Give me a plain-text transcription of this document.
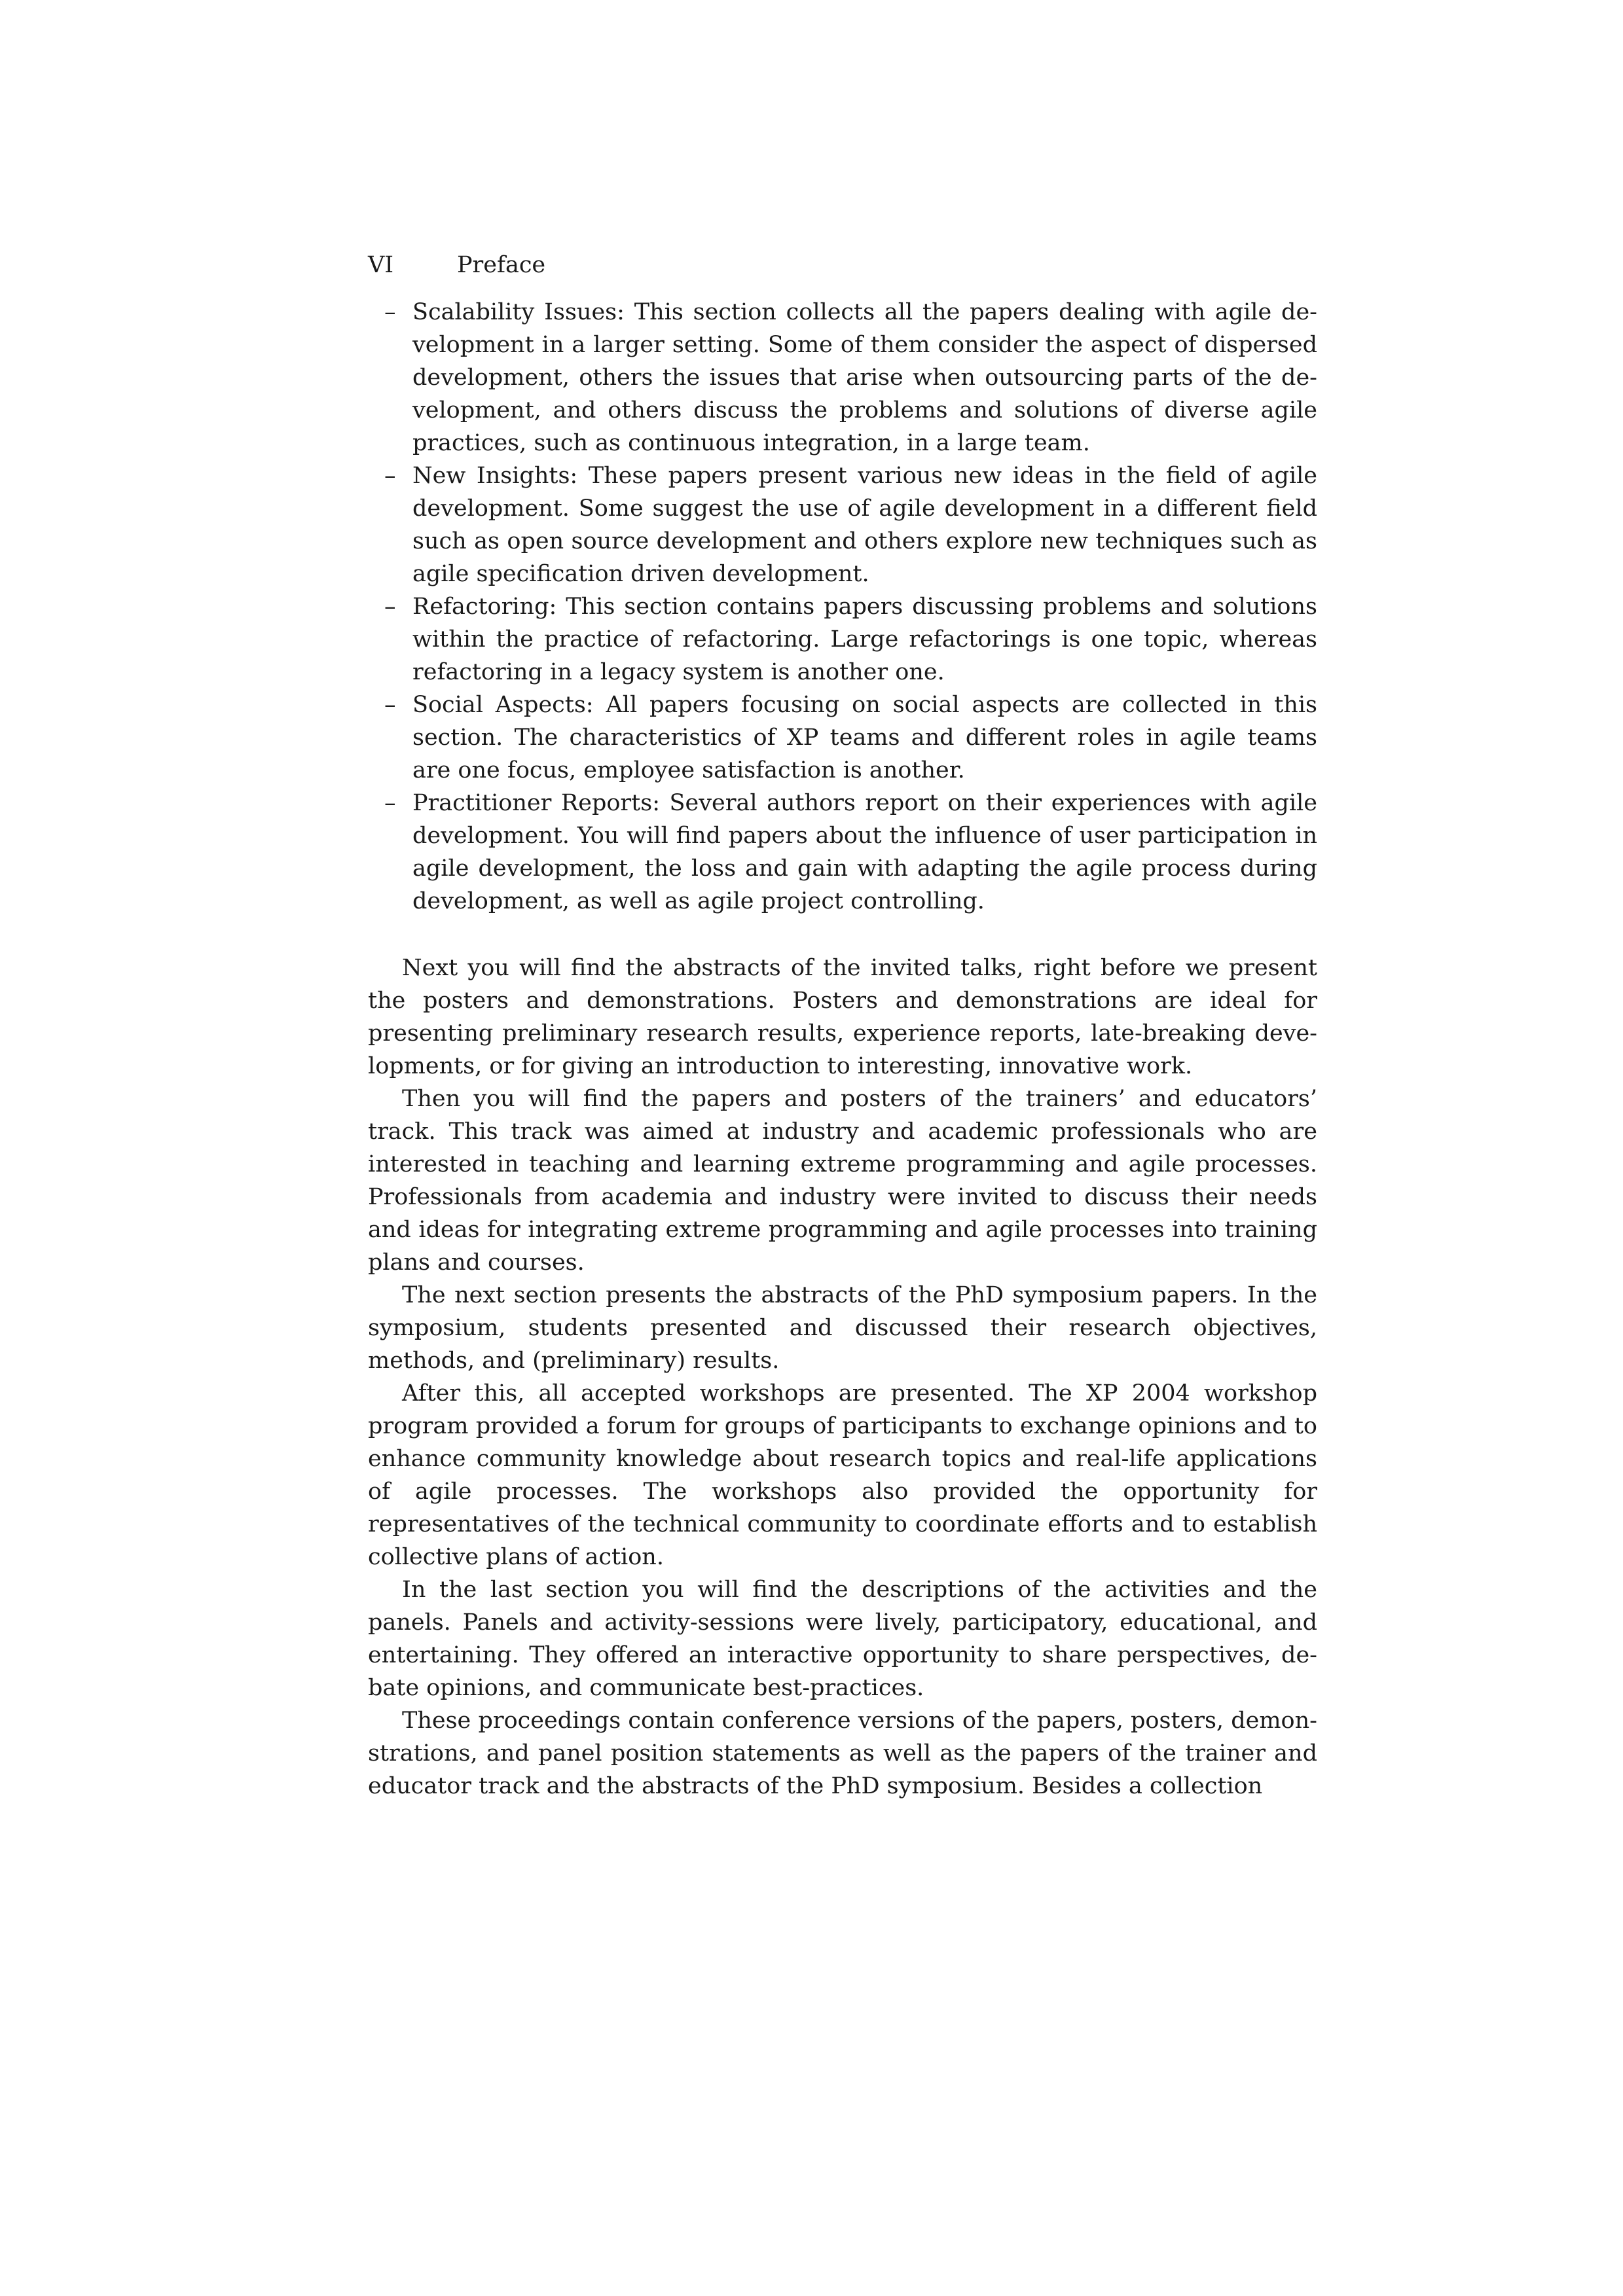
VI	Preface
– Scalability Issues: This section collects all the papers dealing with agile development in a larger setting. Some of them consider the aspect of dispersed development, others the issues that arise when outsourcing parts of the development, and others discuss the problems and solutions of diverse agile practices, such as continuous integration, in a large team.
– New Insights: These papers present various new ideas in the field of agile development. Some suggest the use of agile development in a different field such as open source development and others explore new techniques such as agile specification driven development.
– Refactoring: This section contains papers discussing problems and solutions within the practice of refactoring. Large refactorings is one topic, whereas refactoring in a legacy system is another one.
– Social Aspects: All papers focusing on social aspects are collected in this section. The characteristics of XP teams and different roles in agile teams are one focus, employee satisfaction is another.
– Practitioner Reports: Several authors report on their experiences with agile development. You will find papers about the influence of user participation in agile development, the loss and gain with adapting the agile process during development, as well as agile project controlling.

Next you will find the abstracts of the invited talks, right before we present the posters and demonstrations. Posters and demonstrations are ideal for presenting preliminary research results, experience reports, late-breaking developments, or for giving an introduction to interesting, innovative work.

Then you will find the papers and posters of the trainers’ and educators’ track. This track was aimed at industry and academic professionals who are interested in teaching and learning extreme programming and agile processes. Professionals from academia and industry were invited to discuss their needs and ideas for integrating extreme programming and agile processes into training plans and courses.

The next section presents the abstracts of the PhD symposium papers. In the symposium, students presented and discussed their research objectives, methods, and (preliminary) results.

After this, all accepted workshops are presented. The XP 2004 workshop program provided a forum for groups of participants to exchange opinions and to enhance community knowledge about research topics and real-life applications of agile processes. The workshops also provided the opportunity for representatives of the technical community to coordinate efforts and to establish collective plans of action.

In the last section you will find the descriptions of the activities and the panels. Panels and activity-sessions were lively, participatory, educational, and entertaining. They offered an interactive opportunity to share perspectives, debate opinions, and communicate best-practices.

These proceedings contain conference versions of the papers, posters, demonstrations, and panel position statements as well as the papers of the trainer and educator track and the abstracts of the PhD symposium. Besides a collection
